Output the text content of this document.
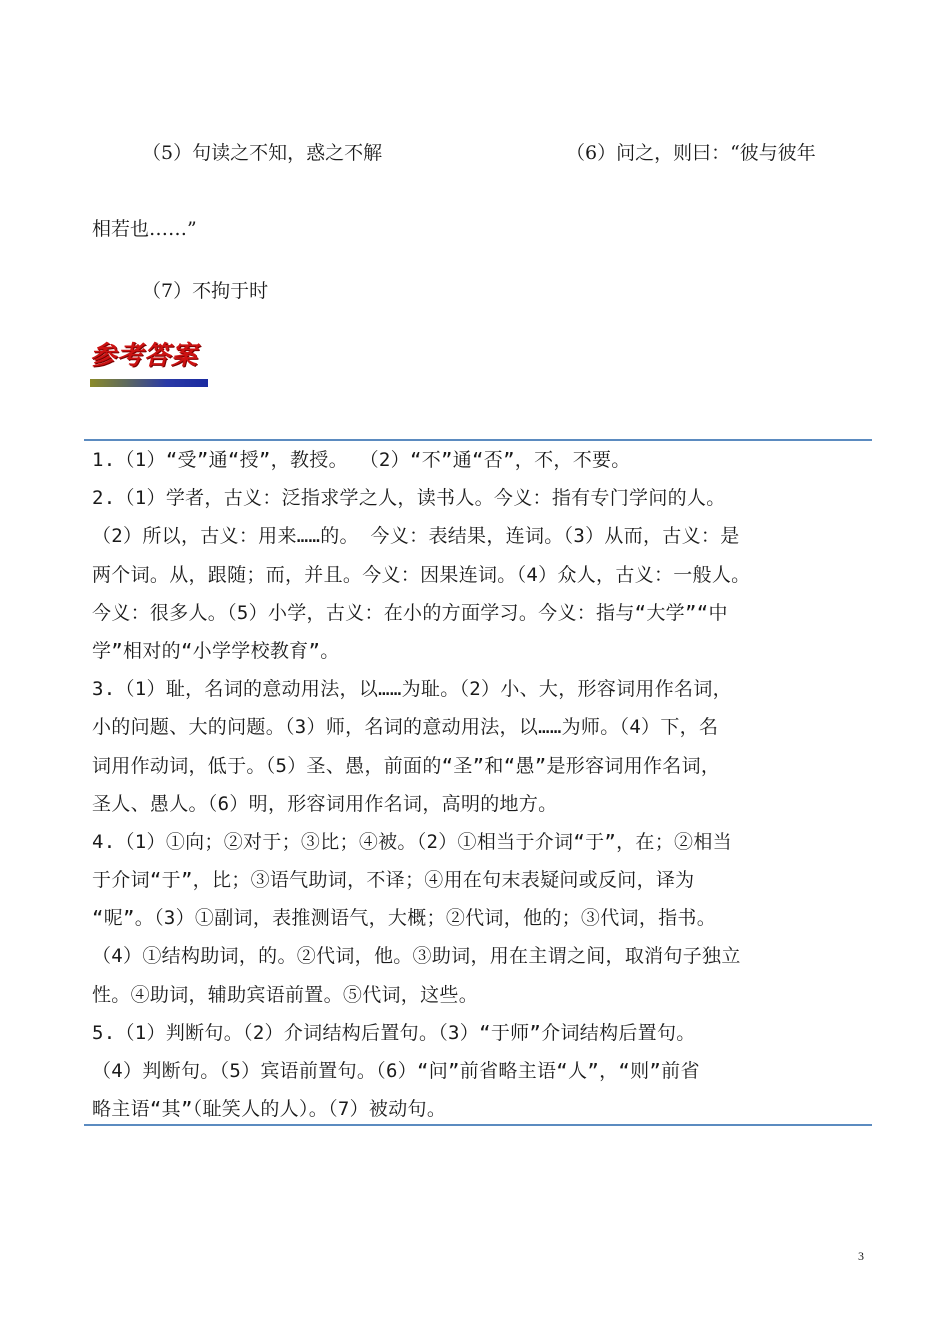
（5）句读之不知，惑之不解	（6）问之，则曰：“彼与彼年
相若也……”
（7）不拘于时
参考答案
1.（1）“受”通“授”，教授。 （2）“不”通“否”，不，不要。
2.（1）学者，古义：泛指求学之人，读书人。今义：指有专门学问的人。
（2）所以，古义：用来……的。 今义：表结果，连词。（3）从而，古义：是
两个词。从，跟随；而，并且。今义：因果连词。（4）众人，古义：一般人。
今义：很多人。（5）小学，古义：在小的方面学习。今义：指与“大学”“中
学”相对的“小学学校教育”。
3.（1）耻，名词的意动用法，以……为耻。（2）小、大，形容词用作名词，
小的问题、大的问题。（3）师，名词的意动用法，以……为师。（4）下，名
词用作动词，低于。（5）圣、愚，前面的“圣”和“愚”是形容词用作名词，
圣人、愚人。（6）明，形容词用作名词，高明的地方。
4.（1）①向；②对于；③比；④被。（2）①相当于介词“于”，在；②相当
于介词“于”，比；③语气助词，不译；④用在句末表疑问或反问，译为
“呢”。（3）①副词，表推测语气，大概；②代词，他的；③代词，指书。
（4）①结构助词，的。②代词，他。③助词，用在主谓之间，取消句子独立
性。④助词，辅助宾语前置。⑤代词，这些。
5.（1）判断句。（2）介词结构后置句。（3）“于师”介词结构后置句。
（4）判断句。（5）宾语前置句。（6）“问”前省略主语“人”，“则”前省
略主语“其”（耻笑人的人）。（7）被动句。
3
